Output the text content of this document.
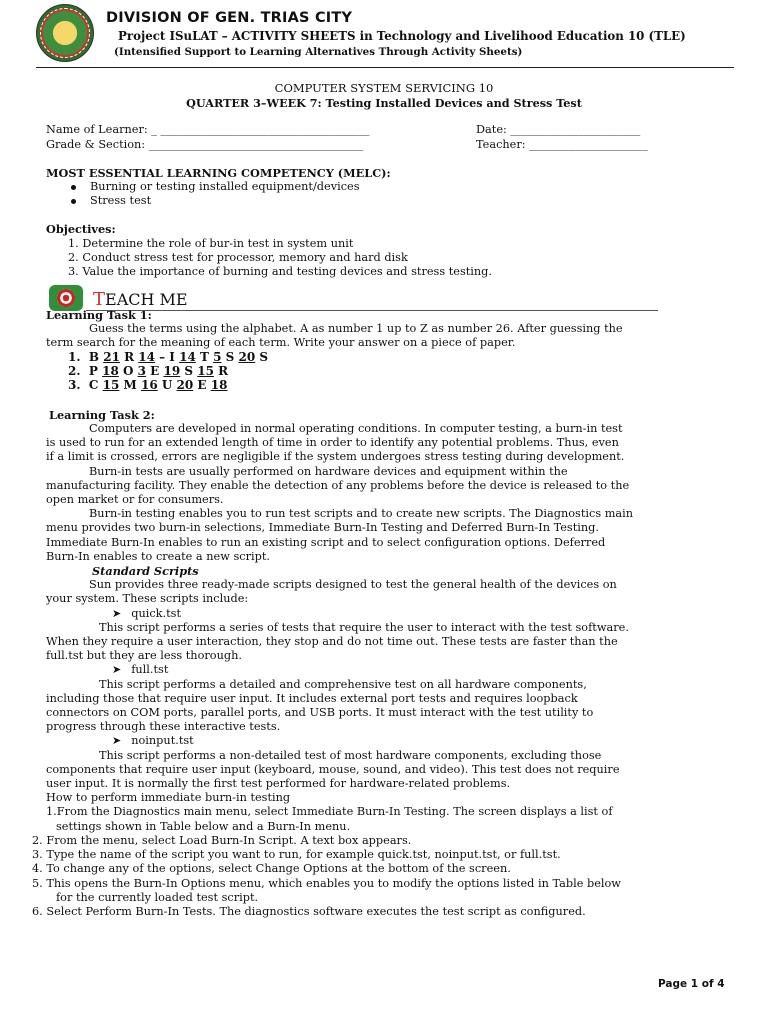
DIVISION OF GEN. TRIAS CITY
Project ISuLAT – ACTIVITY SHEETS in Technology and Livelihood Education 10 (TLE)
(Intensified Support to Learning Alternatives Through Activity Sheets)
COMPUTER SYSTEM SERVICING 10
QUARTER 3–WEEK 7: Testing Installed Devices and Stress Test
Name of Learner: _ _____________________________________	Date: _______________________
Grade & Section: ______________________________________	Teacher: _____________________
MOST ESSENTIAL LEARNING COMPETENCY (MELC):
Burning or testing installed equipment/devices
Stress test
Objectives:
1. Determine the role of bur-in test in system unit
2. Conduct stress test for processor, memory and hard disk
3. Value the importance of burning and testing devices and stress testing.
TEACH ME
Learning Task 1:
Guess the terms using the alphabet. A as number 1 up to Z as number 26. After guessing the
term search for the meaning of each term. Write your answer on a piece of paper.
1. B 21 R 14 – I 14 T 5 S 20 S
2. P 18 O 3 E 19 S 15 R
3. C 15 M 16 U 20 E 18
Learning Task 2:
Computers are developed in normal operating conditions. In computer testing, a burn-in test
is used to run for an extended length of time in order to identify any potential problems. Thus, even
if a limit is crossed, errors are negligible if the system undergoes stress testing during development.
Burn-in tests are usually performed on hardware devices and equipment within the
manufacturing facility. They enable the detection of any problems before the device is released to the
open market or for consumers.
Burn-in testing enables you to run test scripts and to create new scripts. The Diagnostics main
menu provides two burn-in selections, Immediate Burn-In Testing and Deferred Burn-In Testing.
Immediate Burn-In enables to run an existing script and to select configuration options. Deferred
Burn-In enables to create a new script.
Standard Scripts
Sun provides three ready-made scripts designed to test the general health of the devices on
your system. These scripts include:
➤ quick.tst
This script performs a series of tests that require the user to interact with the test software.
When they require a user interaction, they stop and do not time out. These tests are faster than the
full.tst but they are less thorough.
➤ full.tst
This script performs a detailed and comprehensive test on all hardware components,
including those that require user input. It includes external port tests and requires loopback
connectors on COM ports, parallel ports, and USB ports. It must interact with the test utility to
progress through these interactive tests.
➤ noinput.tst
This script performs a non-detailed test of most hardware components, excluding those
components that require user input (keyboard, mouse, sound, and video). This test does not require
user input. It is normally the first test performed for hardware-related problems.
How to perform immediate burn-in testing
1.From the Diagnostics main menu, select Immediate Burn-In Testing. The screen displays a list of
settings shown in Table below and a Burn-In menu.
2. From the menu, select Load Burn-In Script. A text box appears.
3. Type the name of the script you want to run, for example quick.tst, noinput.tst, or full.tst.
4. To change any of the options, select Change Options at the bottom of the screen.
5. This opens the Burn-In Options menu, which enables you to modify the options listed in Table below
for the currently loaded test script.
6. Select Perform Burn-In Tests. The diagnostics software executes the test script as configured.
Page 1 of 4
